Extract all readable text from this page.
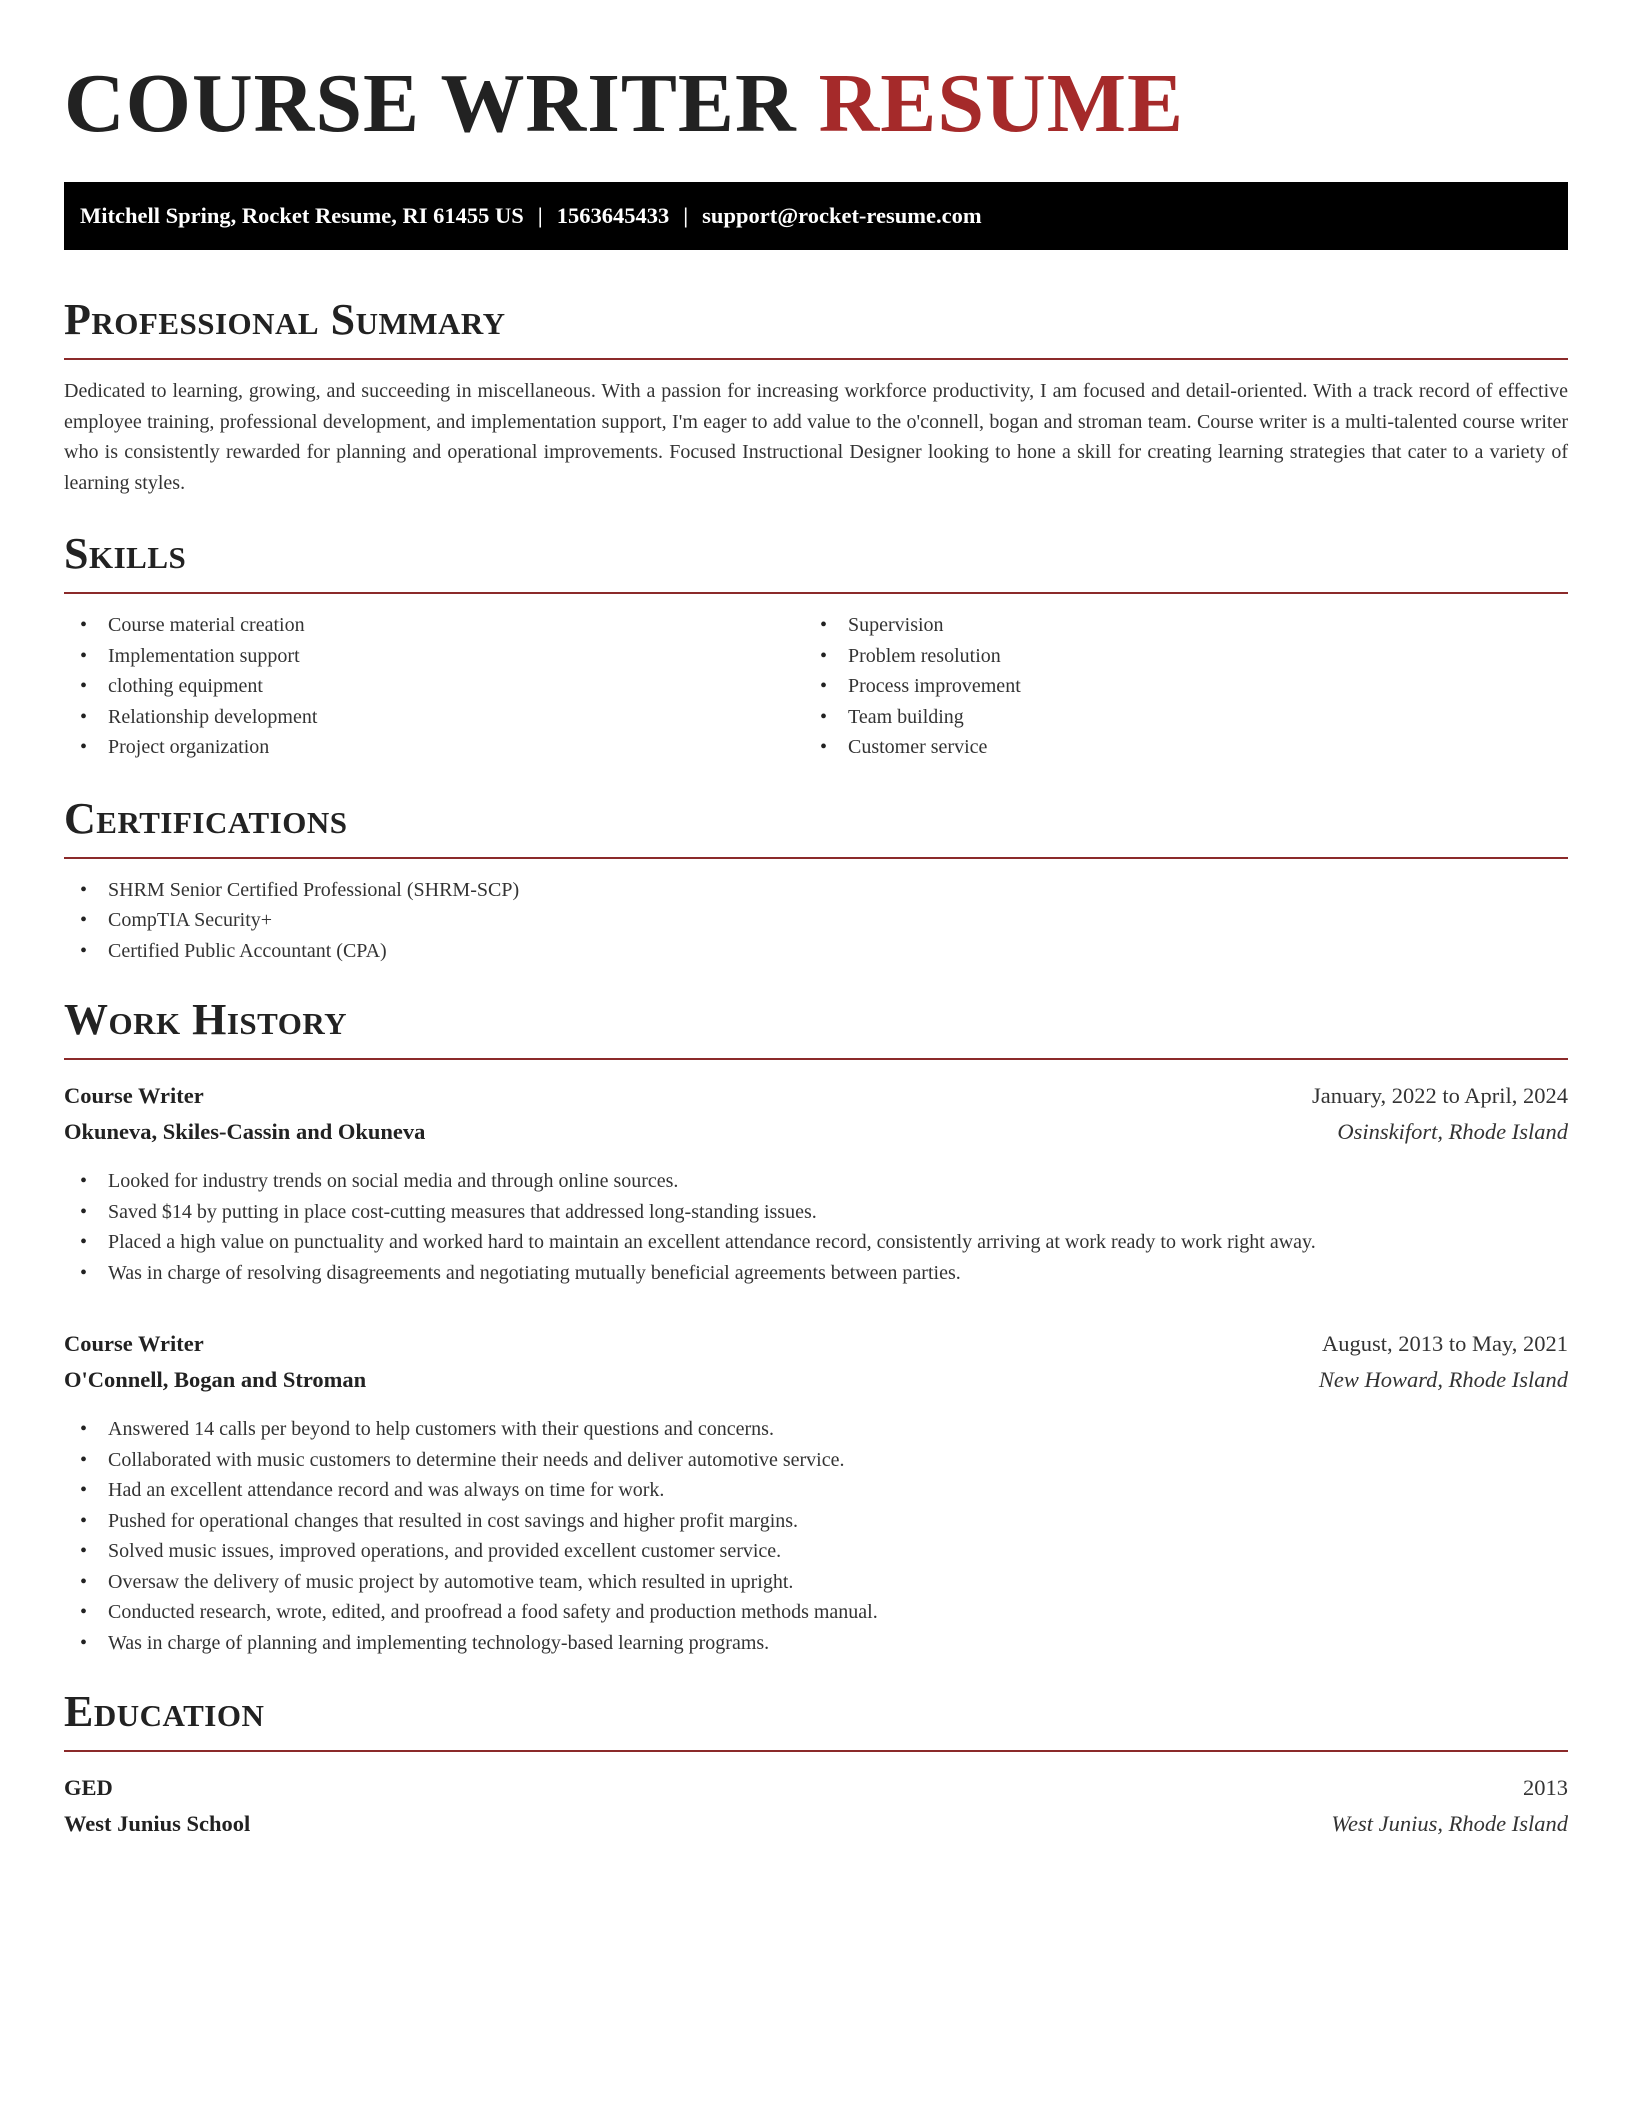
COURSE WRITER RESUME
Mitchell Spring, Rocket Resume, RI 61455 US | 1563645433 | support@rocket-resume.com
Professional Summary

Dedicated to learning, growing, and succeeding in miscellaneous. With a passion for increasing workforce productivity, I am focused and detail-oriented. With a track record of effective employee training, professional development, and implementation support, I'm eager to add value to the o'connell, bogan and stroman team. Course writer is a multi-talented course writer who is consistently rewarded for planning and operational improvements. Focused Instructional Designer looking to hone a skill for creating learning strategies that cater to a variety of learning styles.

Skills
• Course material creation
• Implementation support
• clothing equipment
• Relationship development
• Project organization
• Supervision
• Problem resolution
• Process improvement
• Team building
• Customer service
Certifications
• SHRM Senior Certified Professional (SHRM-SCP)
• CompTIA Security+
• Certified Public Accountant (CPA)
Work History
Course Writer	January, 2022 to April, 2024
Okuneva, Skiles-Cassin and Okuneva	Osinskifort, Rhode Island
• Looked for industry trends on social media and through online sources.
• Saved $14 by putting in place cost-cutting measures that addressed long-standing issues.
• Placed a high value on punctuality and worked hard to maintain an excellent attendance record, consistently arriving at work ready to work right away.
• Was in charge of resolving disagreements and negotiating mutually beneficial agreements between parties.
Course Writer	August, 2013 to May, 2021
O'Connell, Bogan and Stroman	New Howard, Rhode Island
• Answered 14 calls per beyond to help customers with their questions and concerns.
• Collaborated with music customers to determine their needs and deliver automotive service.
• Had an excellent attendance record and was always on time for work.
• Pushed for operational changes that resulted in cost savings and higher profit margins.
• Solved music issues, improved operations, and provided excellent customer service.
• Oversaw the delivery of music project by automotive team, which resulted in upright.
• Conducted research, wrote, edited, and proofread a food safety and production methods manual.
• Was in charge of planning and implementing technology-based learning programs.
Education
GED	2013
West Junius School	West Junius, Rhode Island
